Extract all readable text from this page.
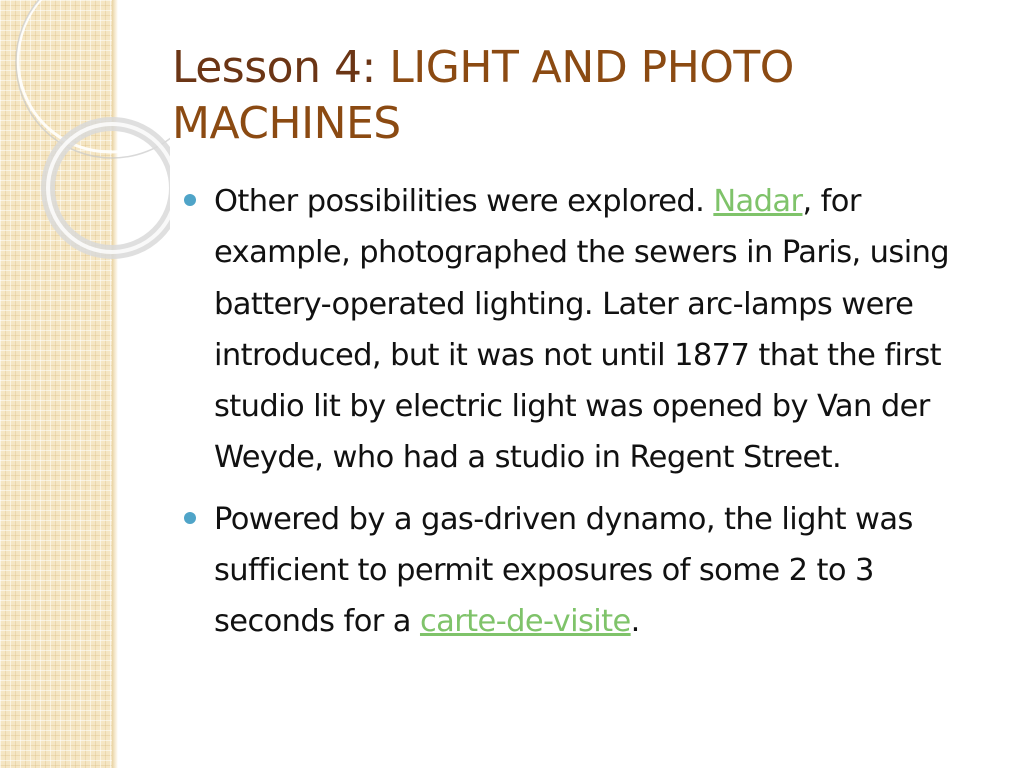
Lesson 4: LIGHT AND PHOTO MACHINES
Other possibilities were explored. Nadar, for example, photographed the sewers in Paris, using battery-operated lighting. Later arc-lamps were introduced, but it was not until 1877 that the first studio lit by electric light was opened by Van der Weyde, who had a studio in Regent Street.
Powered by a gas-driven dynamo, the light was sufficient to permit exposures of some 2 to 3 seconds for a carte-de-visite.
